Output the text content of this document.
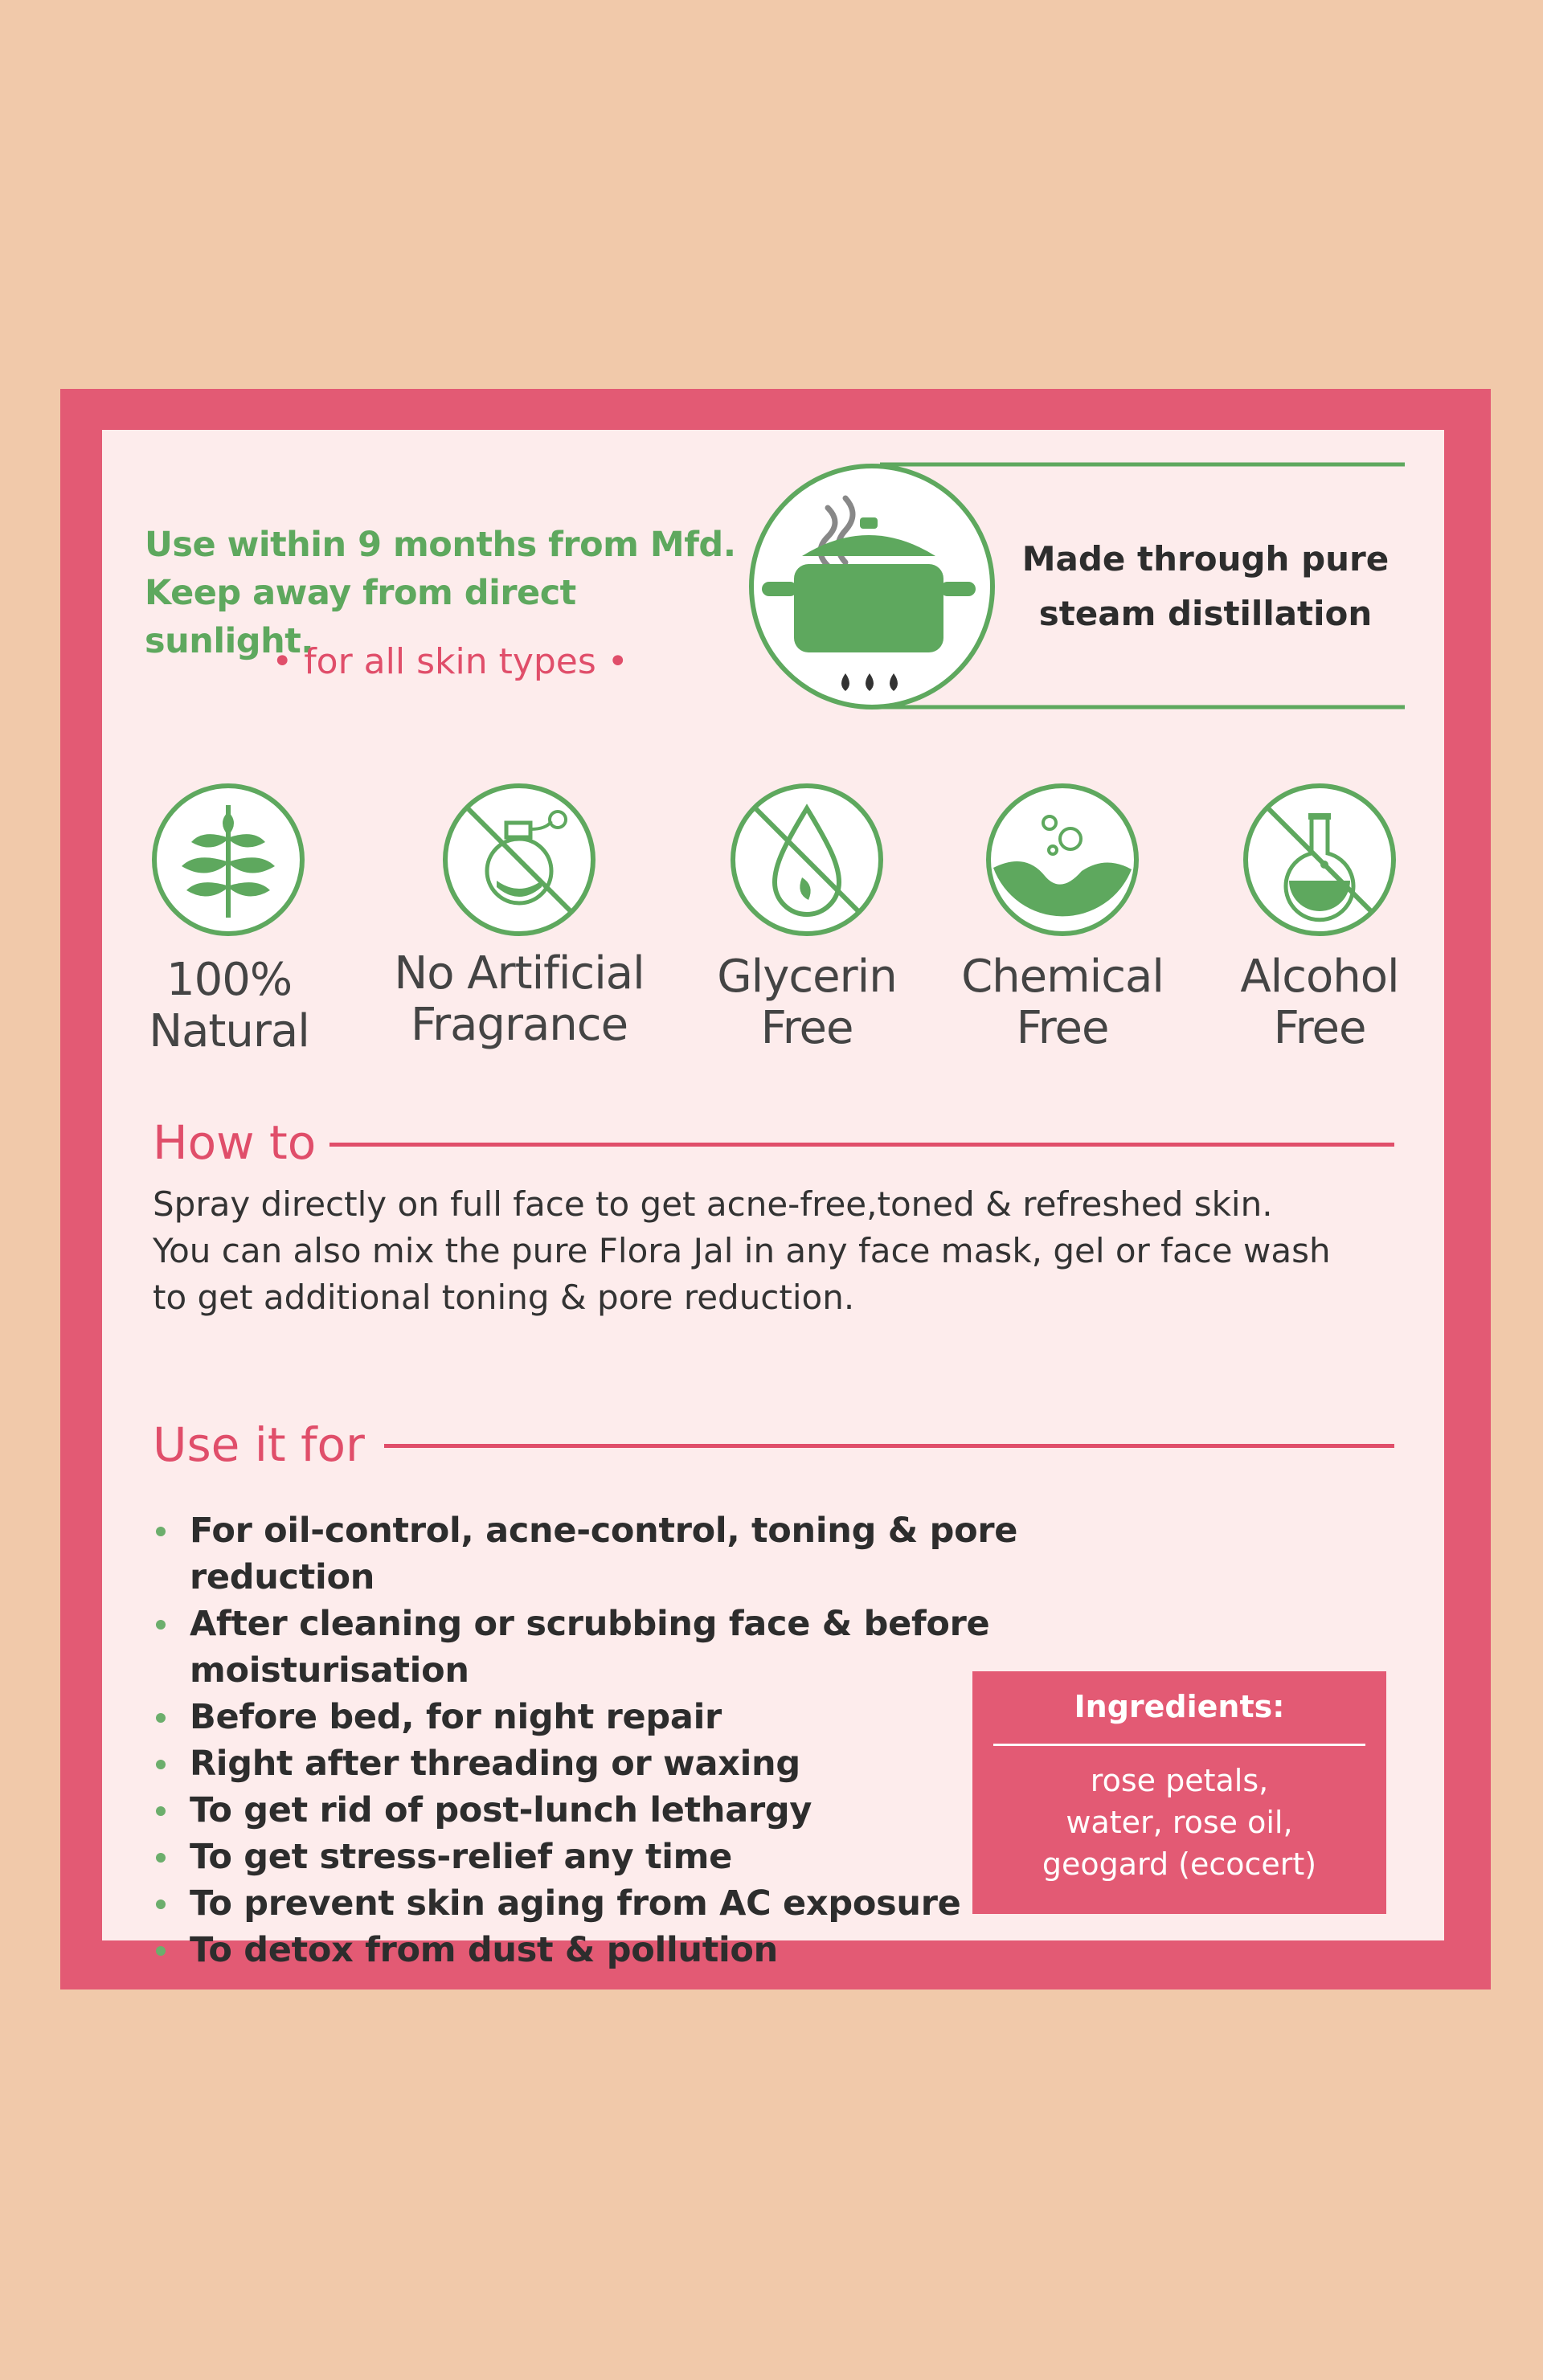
Use within 9 months from Mfd.
Keep away from direct sunlight.
• for all skin types •
Made through pure
steam distillation
100%
Natural
No Artificial
Fragrance
Glycerin
Free
Chemical
Free
Alcohol
Free
How to
Spray directly on full face to get acne-free,toned & refreshed skin.
You can also mix the pure Flora Jal in any face mask, gel or face wash
to get additional toning & pore reduction.
Use it for
For oil-control, acne-control, toning & pore reduction
After cleaning or scrubbing face & before moisturisation
Before bed, for night repair
Right after threading or waxing
To get rid of post-lunch lethargy
To get stress-relief any time
To prevent skin aging from AC exposure
To detox from dust & pollution
Ingredients:
rose petals,
water, rose oil,
geogard (ecocert)
